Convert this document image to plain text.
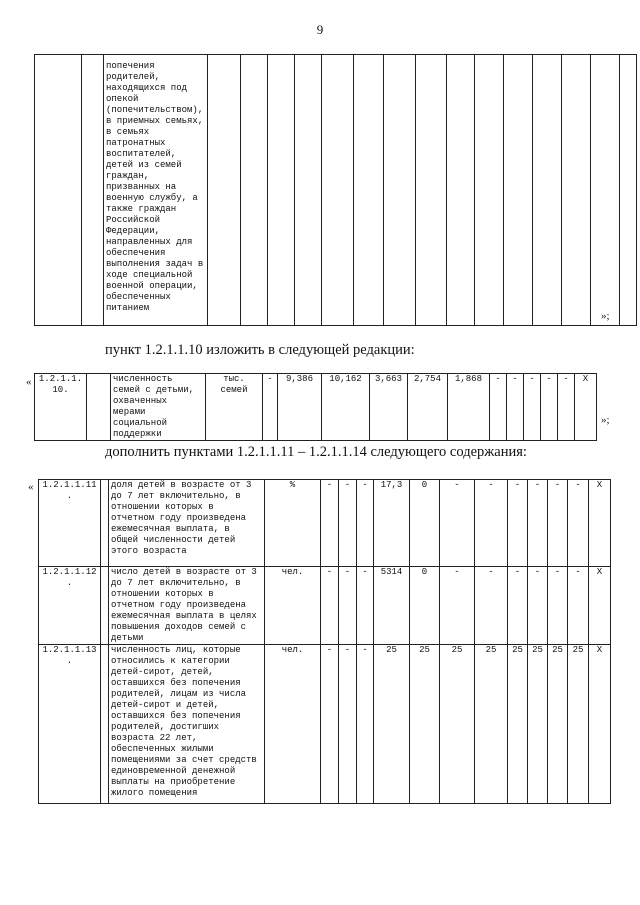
9
		попечения родителей, находящихся под опекой (попечительством), в приемных семьях, в семьях патронатных воспитателей, детей из семей граждан, призванных на военную службу, а также граждан Российской Федерации, направленных для обеспечения выполнения задач в ходе специальной военной операции, обеспеченных питанием															
»;
пункт 1.2.1.1.10 изложить в следующей редакции:
« 1.2.1.1.10.		численность семей с детьми, охваченных мерами социальной поддержки	тыс. семей	-	9,386	10,162	3,663	2,754	1,868	-	-	-	-	-	X
»;
дополнить пунктами 1.2.1.1.11 – 1.2.1.1.14 следующего содержания:
« 1.2.1.1.11.		доля детей в возрасте от 3 до 7 лет включительно, в отношении которых в отчетном году произведена ежемесячная выплата, в общей численности детей этого возраста	%	-	-	-	17,3	0	-	-	-	-	-	-	X
1.2.1.1.12.		число детей в возрасте от 3 до 7 лет включительно, в отношении которых в отчетном году произведена ежемесячная выплата в целях повышения доходов семей с детьми	чел.	-	-	-	5314	0	-	-	-	-	-	-	X
1.2.1.1.13.		численность лиц, которые относились к категории детей-сирот, детей, оставшихся без попечения родителей, лицам из числа детей-сирот и детей, оставшихся без попечения родителей, достигших возраста 22 лет, обеспеченных жилыми помещениями за счет средств единовременной денежной выплаты на приобретение жилого помещения	чел.	-	-	-	25	25	25	25	25	25	25	25	X
